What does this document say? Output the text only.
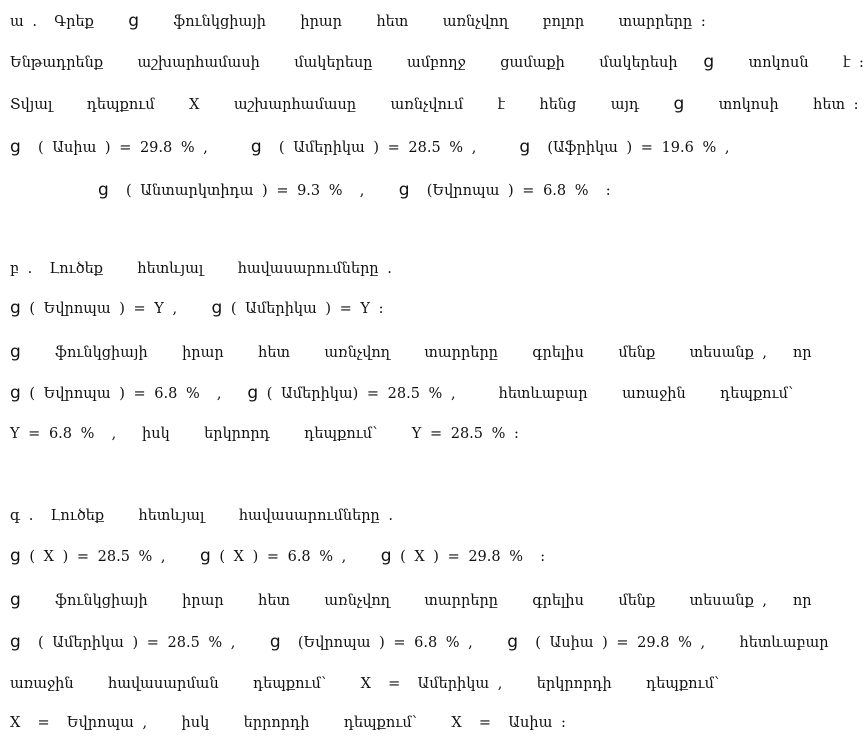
ա .  Գրեք    g    ֆունկցիայի    իրար    հետ    առնչվող    բոլոր    տարրերը :
Ենթադրենք    աշխարհամասի    մակերեսը    ամբողջ    ցամաքի    մակերեսի   g    տոկոսն    է :
Տվյալ    դեպքում    X    աշխարհամասը    առնչվում    է    հենց    այդ    g    տոկոսի    հետ :
g  ( Ասիա ) = 29.8 % ,     g  ( Ամերիկա ) = 28.5 % ,     g  (Աֆրիկա ) = 19.6 % ,
g  ( Անտարկտիդա ) = 9.3 %  ,    g  (Եվրոպա ) = 6.8 %  :
բ .  Լուծեք    հետևյալ    հավասարումները .
g ( Եվրոպա ) = Y ,    g ( Ամերիկա ) = Y :
g    ֆունկցիայի    իրար    հետ    առնչվող    տարրերը    գրելիս    մենք    տեսանք ,   որ
g ( Եվրոպա ) = 6.8 %  ,   g ( Ամերիկա) = 28.5 % ,     հետևաբար    առաջին    դեպքում՝
Y = 6.8 %  ,   իսկ    երկրորդ    դեպքում՝    Y = 28.5 % :
գ .  Լուծեք    հետևյալ    հավասարումները .
g ( X ) = 28.5 % ,    g ( X ) = 6.8 % ,    g ( X ) = 29.8 %  :
g    ֆունկցիայի    իրար    հետ    առնչվող    տարրերը    գրելիս    մենք    տեսանք ,   որ
g  ( Ամերիկա ) = 28.5 % ,    g  (Եվրոպա ) = 6.8 % ,    g  ( Ասիա ) = 29.8 % ,    հետևաբար
առաջին    հավասարման    դեպքում՝    X  =  Ամերիկա ,    երկրորդի    դեպքում՝
X  =  Եվրոպա ,    իսկ    երրորդի    դեպքում՝    X  =  Ասիա :
